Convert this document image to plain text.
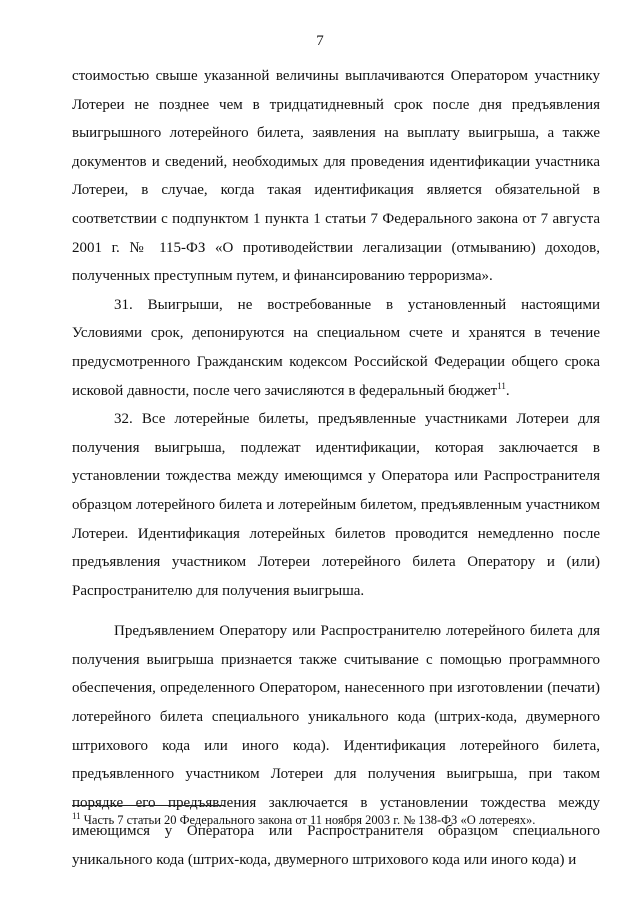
7

стоимостью свыше указанной величины выплачиваются Оператором участнику Лотереи не позднее чем в тридцатидневный срок после дня предъявления выигрышного лотерейного билета, заявления на выплату выигрыша, а также документов и сведений, необходимых для проведения идентификации участника Лотереи, в случае, когда такая идентификация является обязательной в соответствии с подпунктом 1 пункта 1 статьи 7 Федерального закона от 7 августа 2001 г. № 115-ФЗ «О противодействии легализации (отмыванию) доходов, полученных преступным путем, и финансированию терроризма».

31. Выигрыши, не востребованные в установленный настоящими Условиями срок, депонируются на специальном счете и хранятся в течение предусмотренного Гражданским кодексом Российской Федерации общего срока исковой давности, после чего зачисляются в федеральный бюджет$^{11}$.

32. Все лотерейные билеты, предъявленные участниками Лотереи для получения выигрыша, подлежат идентификации, которая заключается в установлении тождества между имеющимся у Оператора или Распространителя образцом лотерейного билета и лотерейным билетом, предъявленным участником Лотереи. Идентификация лотерейных билетов проводится немедленно после предъявления участником Лотереи лотерейного билета Оператору и (или) Распространителю для получения выигрыша.

Предъявлением Оператору или Распространителю лотерейного билета для получения выигрыша признается также считывание с помощью программного обеспечения, определенного Оператором, нанесенного при изготовлении (печати) лотерейного билета специального уникального кода (штрих-кода, двумерного штрихового кода или иного кода). Идентификация лотерейного билета, предъявленного участником Лотереи для получения выигрыша, при таком порядке его предъявления заключается в установлении тождества между имеющимся у Оператора или Распространителя образцом специального уникального кода (штрих-кода, двумерного штрихового кода или иного кода) и

$^{11}$ Часть 7 статьи 20 Федерального закона от 11 ноября 2003 г. № 138-ФЗ «О лотереях».
